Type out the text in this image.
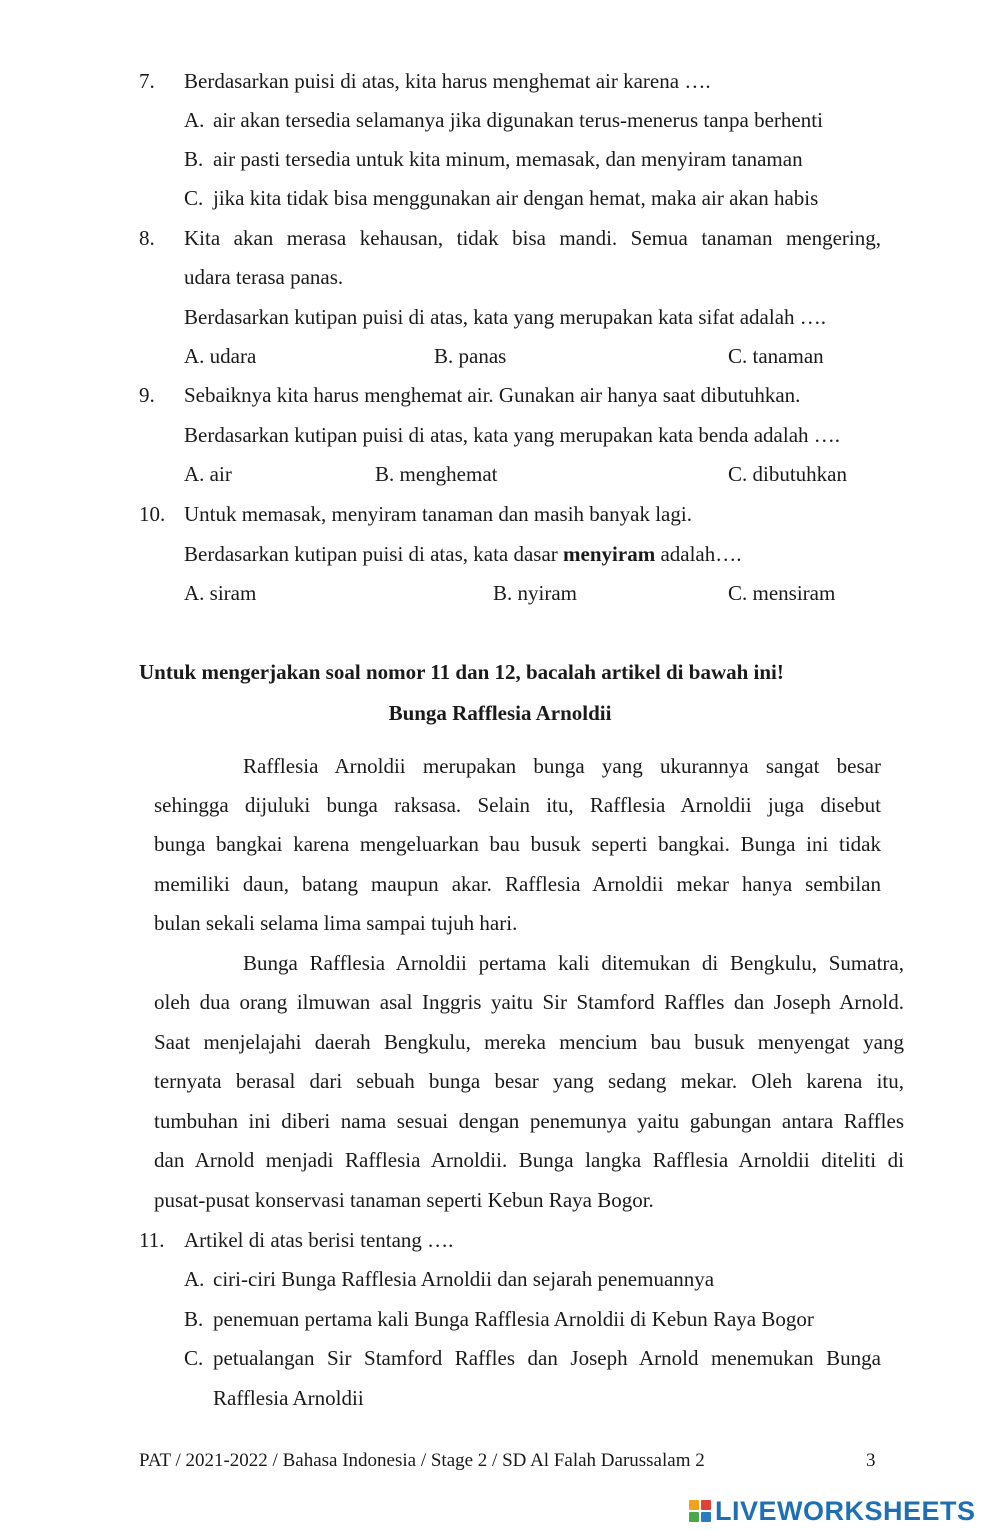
7. Berdasarkan puisi di atas, kita harus menghemat air karena ….
A. air akan tersedia selamanya jika digunakan terus-menerus tanpa berhenti
B. air pasti tersedia untuk kita minum, memasak, dan menyiram tanaman
C. jika kita tidak bisa menggunakan air dengan hemat, maka air akan habis
8. Kita akan merasa kehausan, tidak bisa mandi. Semua tanaman mengering,
udara terasa panas.
Berdasarkan kutipan puisi di atas, kata yang merupakan kata sifat adalah ….
A. udara	B. panas	C. tanaman
9. Sebaiknya kita harus menghemat air. Gunakan air hanya saat dibutuhkan.
Berdasarkan kutipan puisi di atas, kata yang merupakan kata benda adalah ….
A. air	B. menghemat	C. dibutuhkan
10. Untuk memasak, menyiram tanaman dan masih banyak lagi.
Berdasarkan kutipan puisi di atas, kata dasar menyiram adalah….
A. siram	B. nyiram	C. mensiram
Untuk mengerjakan soal nomor 11 dan 12, bacalah artikel di bawah ini!
Bunga Rafflesia Arnoldii
Rafflesia Arnoldii merupakan bunga yang ukurannya sangat besar
sehingga dijuluki bunga raksasa. Selain itu, Rafflesia Arnoldii juga disebut
bunga bangkai karena mengeluarkan bau busuk seperti bangkai. Bunga ini tidak
memiliki daun, batang maupun akar. Rafflesia Arnoldii mekar hanya sembilan
bulan sekali selama lima sampai tujuh hari.
Bunga Rafflesia Arnoldii pertama kali ditemukan di Bengkulu, Sumatra,
oleh dua orang ilmuwan asal Inggris yaitu Sir Stamford Raffles dan Joseph Arnold.
Saat menjelajahi daerah Bengkulu, mereka mencium bau busuk menyengat yang
ternyata berasal dari sebuah bunga besar yang sedang mekar. Oleh karena itu,
tumbuhan ini diberi nama sesuai dengan penemunya yaitu gabungan antara Raffles
dan Arnold menjadi Rafflesia Arnoldii. Bunga langka Rafflesia Arnoldii diteliti di
pusat-pusat konservasi tanaman seperti Kebun Raya Bogor.
11. Artikel di atas berisi tentang ….
A. ciri-ciri Bunga Rafflesia Arnoldii dan sejarah penemuannya
B. penemuan pertama kali Bunga Rafflesia Arnoldii di Kebun Raya Bogor
C. petualangan Sir Stamford Raffles dan Joseph Arnold menemukan Bunga
Rafflesia Arnoldii
PAT / 2021-2022 / Bahasa Indonesia / Stage 2 / SD Al Falah Darussalam 2	3
LIVEWORKSHEETS
